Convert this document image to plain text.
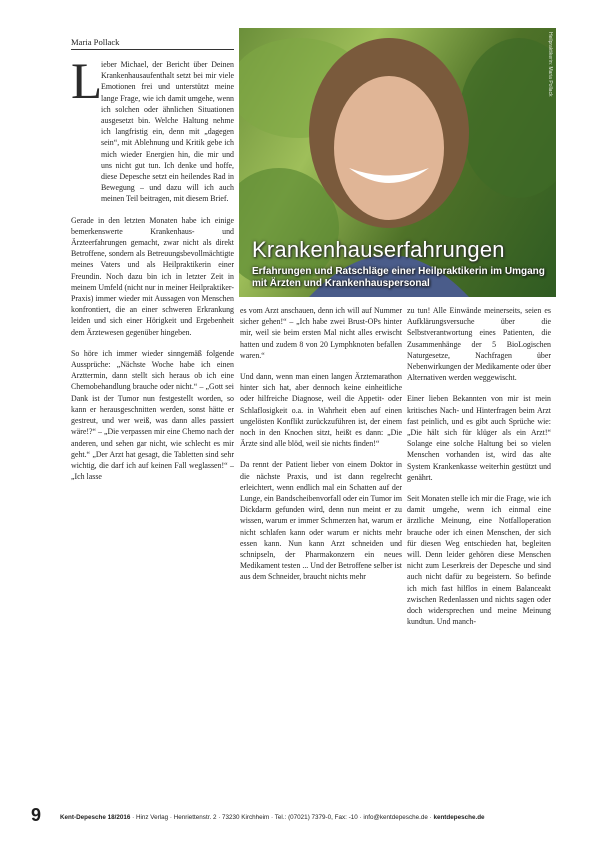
Maria Pollack	Heilpraktikerin: Maria Pollack
Krankenhauserfahrungen
Erfahrungen und Ratschläge einer Heilpraktikerin im Umgang mit Ärzten und Krankenhauspersonal
L

ieber Michael, der Bericht über Deinen Krankenhausaufenthalt setzt bei mir viele Emotionen frei und unterstützt meine lange Frage, wie ich damit umgehe, wenn ich solchen oder ähnlichen Situationen ausgesetzt bin. Welche Haltung nehme ich langfristig ein, denn mit „dagegen sein“, mit Ablehnung und Kritik gebe ich mich wieder Energien hin, die mir und uns nicht gut tun. Ich denke und hoffe, diese Depesche setzt ein heilendes Rad in Bewegung – und dazu will ich auch meinen Teil beitragen, mit diesem Brief.

Gerade in den letzten Monaten habe ich einige bemerkenswerte Krankenhaus- und Ärzteerfahrungen gemacht, zwar nicht als direkt Betroffene, sondern als Betreuungsbevollmächtigte meines Vaters und als Heilpraktikerin einer Freundin. Noch dazu bin ich in letzter Zeit in meinem Umfeld (nicht nur in meiner Heilpraktiker-Praxis) immer wieder mit Aussagen von Menschen konfrontiert, die an einer schweren Erkrankung leiden und sich einer Hörigkeit und Ergebenheit dem Ärztewesen gegenüber hingeben.

So höre ich immer wieder sinngemäß folgende Aussprüche: „Nächste Woche habe ich einen Arzttermin, dann stellt sich heraus ob ich eine Chemobehandlung brauche oder nicht.“ – „Gott sei Dank ist der Tumor nun festgestellt worden, so kann er herausgeschnitten werden, sonst hätte er gestreut, und wer weiß, was dann alles passiert wäre!?“ – „Die verpassen mir eine Chemo nach der anderen, und sehen gar nicht, wie schlecht es mir geht.“ „Der Arzt hat gesagt, die Tabletten sind sehr wichtig, die darf ich auf keinen Fall weglassen!“ – „Ich lasse

es vom Arzt anschauen, denn ich will auf Nummer sicher gehen!“ – „Ich habe zwei Brust-OPs hinter mir, weil sie beim ersten Mal nicht alles erwischt hatten und zudem 8 von 20 Lymphknoten befallen waren.“

Und dann, wenn man einen langen Ärztemarathon hinter sich hat, aber dennoch keine einheitliche oder hilfreiche Diagnose, weil die Appetit- oder Schlaflosigkeit o.a. in Wahrheit eben auf einen ungelösten Konflikt zurückzuführen ist, der einem noch in den Knochen sitzt, heißt es dann: „Die Ärzte sind alle blöd, weil sie nichts finden!“

Da rennt der Patient lieber von einem Doktor in die nächste Praxis, und ist dann regelrecht erleichtert, wenn endlich mal ein Schatten auf der Lunge, ein Bandscheibenvorfall oder ein Tumor im Dickdarm gefunden wird, denn nun meint er zu wissen, warum er immer Schmerzen hat, warum er nicht schlafen kann oder warum er nichts mehr essen kann. Nun kann Arzt schneiden und schnipseln, der Pharmakonzern ein neues Medikament testen ... Und der Betroffene selber ist aus dem Schneider, braucht nichts mehr

zu tun! Alle Einwände meinerseits, seien es Aufklärungsversuche über die Selbstverantwortung eines Patienten, die Zusammenhänge der 5 BioLogischen Naturgesetze, Nachfragen über Nebenwirkungen der Medikamente oder über Alternativen werden weggewischt.

Einer lieben Bekannten von mir ist mein kritisches Nach- und Hinterfragen beim Arzt fast peinlich, und es gibt auch Sprüche wie: „Die hält sich für klüger als ein Arzt!“ Solange eine solche Haltung bei so vielen Menschen vorhanden ist, wird das alte System Krankenkasse weiterhin gestützt und genährt.

Seit Monaten stelle ich mir die Frage, wie ich damit umgehe, wenn ich einmal eine ärztliche Meinung, eine Notfalloperation brauche oder ich einen Menschen, der sich für diesen Weg entschieden hat, begleiten will. Denn leider gehören diese Menschen nicht zum Leserkreis der Depesche und sind auch nicht dafür zu begeistern. So befinde ich mich fast hilflos in einem Balanceakt zwischen Redenlassen und nichts sagen oder doch widersprechen und meine Meinung kundtun. Und manch-

9	Kent-Depesche 18/2016 · Hinz Verlag · Henriettenstr. 2 · 73230 Kirchheim · Tel.: (07021) 7379-0, Fax: -10 · info@kentdepesche.de · kentdepesche.de
